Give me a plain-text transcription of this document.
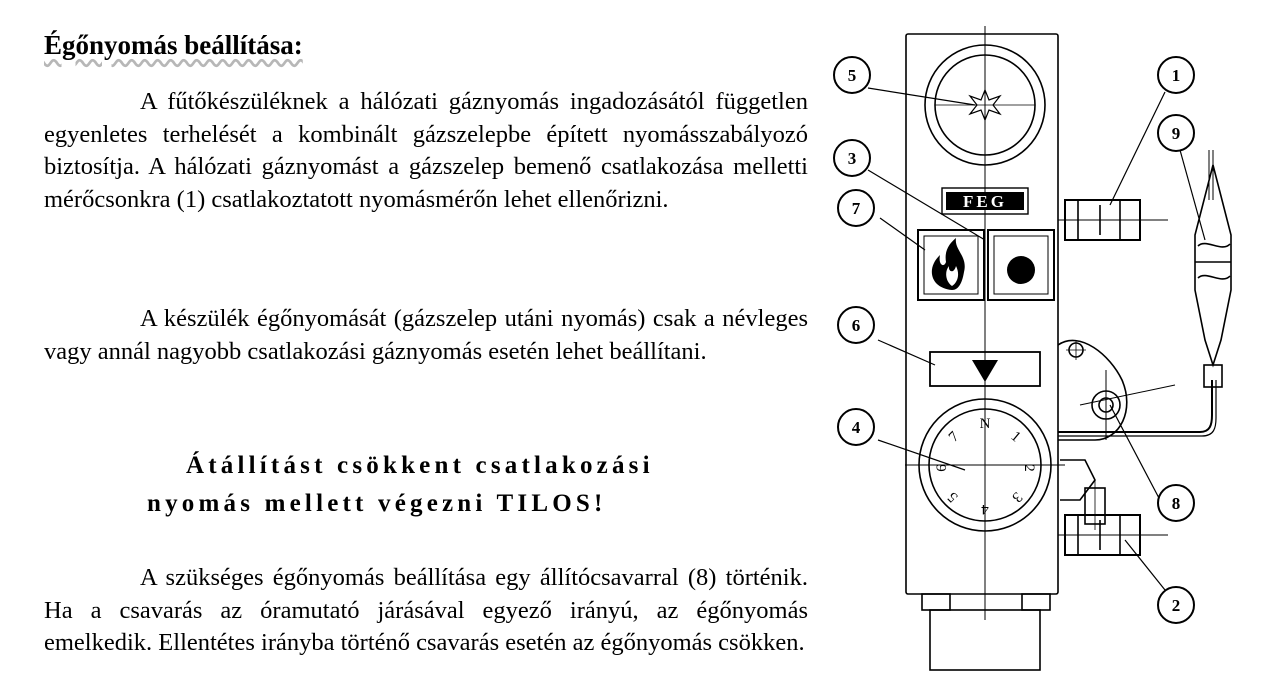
Égőnyomás beállítása:

A fűtőkészüléknek a hálózati gáznyomás ingadozásától független egyenletes terhelését a kombinált gázszelepbe épített nyomásszabályozó biztosítja. A hálózati gáznyomást a gázszelep bemenő csatlakozása melletti mérőcsonkra (1) csatlakoztatott nyomásmérőn lehet ellenőrizni.

A készülék égőnyomását (gázszelep utáni nyomás) csak a névleges vagy annál nagyobb csatlakozási gáznyomás esetén lehet beállítani.

Átállítást csökkent csatlakozási
nyomás mellett végezni TILOS!

A szükséges égőnyomás beállítása egy állítócsavarral (8) történik. Ha a csavarás az óramutató járásával egyező irányú, az égőnyomás emelkedik. Ellentétes irányba történő csavarás esetén az égőnyomás csökken.

FEG
N
1
2
3
4
5
6
7
5	1
9
3
7
6
4
8
2
